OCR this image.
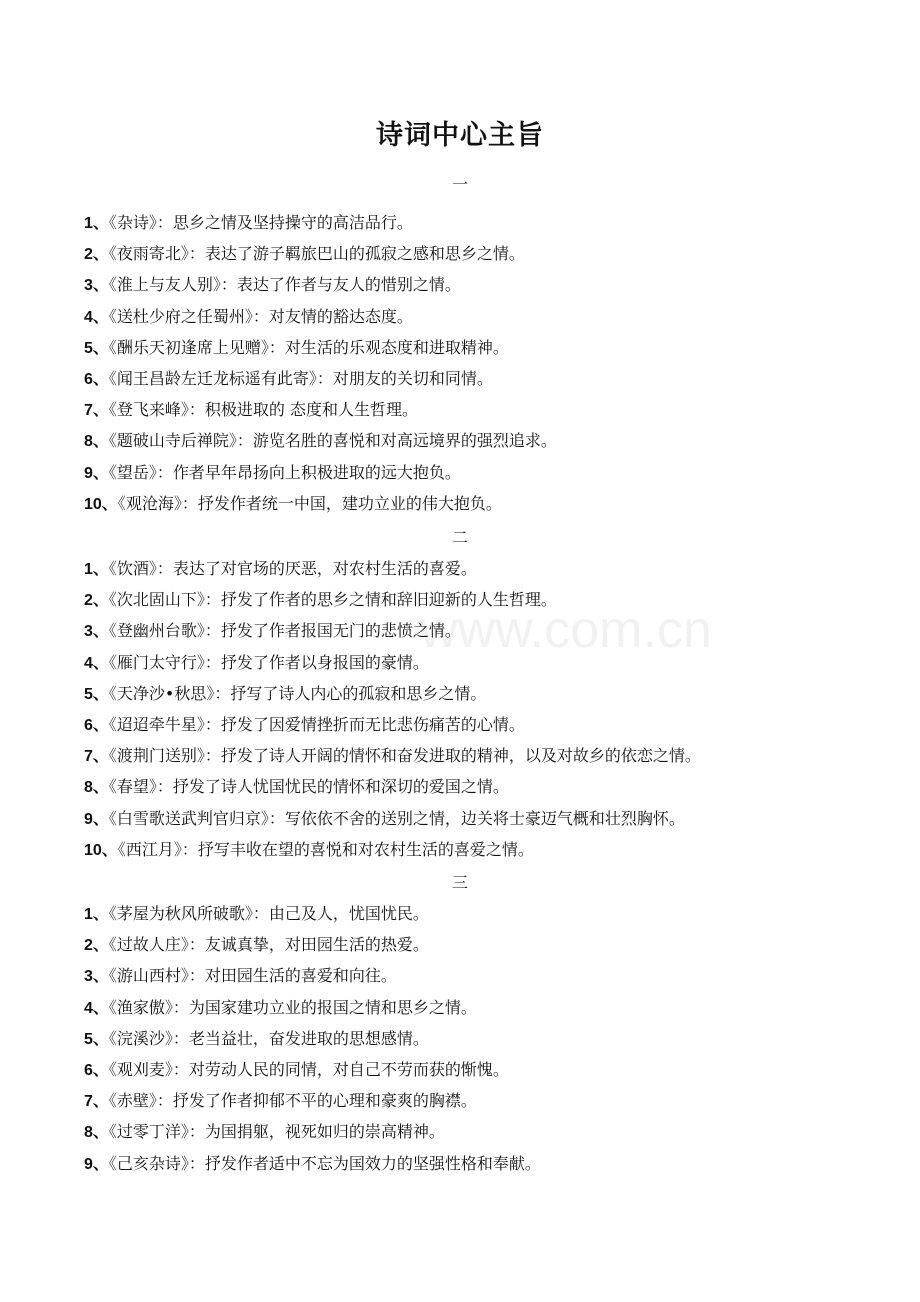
www.com.cn
诗词中心主旨
一
1、《杂诗》：思乡之情及坚持操守的高洁品行。
2、《夜雨寄北》：表达了游子羁旅巴山的孤寂之感和思乡之情。
3、《淮上与友人别》：表达了作者与友人的惜别之情。
4、《送杜少府之任蜀州》：对友情的豁达态度。
5、《酬乐天初逢席上见赠》：对生活的乐观态度和进取精神。
6、《闻王昌龄左迁龙标遥有此寄》：对朋友的关切和同情。
7、《登飞来峰》：积极进取的 态度和人生哲理。
8、《题破山寺后禅院》：游览名胜的喜悦和对高远境界的强烈追求。
9、《望岳》：作者早年昂扬向上积极进取的远大抱负。
10、《观沧海》：抒发作者统一中国，建功立业的伟大抱负。
二
1、《饮酒》：表达了对官场的厌恶，对农村生活的喜爱。
2、《次北固山下》：抒发了作者的思乡之情和辞旧迎新的人生哲理。
3、《登幽州台歌》：抒发了作者报国无门的悲愤之情。
4、《雁门太守行》：抒发了作者以身报国的豪情。
5、《天净沙•秋思》：抒写了诗人内心的孤寂和思乡之情。
6、《迢迢牵牛星》：抒发了因爱情挫折而无比悲伤痛苦的心情。
7、《渡荆门送别》：抒发了诗人开阔的情怀和奋发进取的精神，以及对故乡的依恋之情。
8、《春望》：抒发了诗人忧国忧民的情怀和深切的爱国之情。
9、《白雪歌送武判官归京》：写依依不舍的送别之情，边关将士豪迈气概和壮烈胸怀。
10、《西江月》：抒写丰收在望的喜悦和对农村生活的喜爱之情。
三
1、《茅屋为秋风所破歌》：由己及人，忧国忧民。
2、《过故人庄》：友诚真挚，对田园生活的热爱。
3、《游山西村》：对田园生活的喜爱和向往。
4、《渔家傲》：为国家建功立业的报国之情和思乡之情。
5、《浣溪沙》：老当益壮，奋发进取的思想感情。
6、《观刈麦》：对劳动人民的同情，对自己不劳而获的惭愧。
7、《赤壁》：抒发了作者抑郁不平的心理和豪爽的胸襟。
8、《过零丁洋》：为国捐躯，视死如归的崇高精神。
9、《己亥杂诗》：抒发作者适中不忘为国效力的坚强性格和奉献。
